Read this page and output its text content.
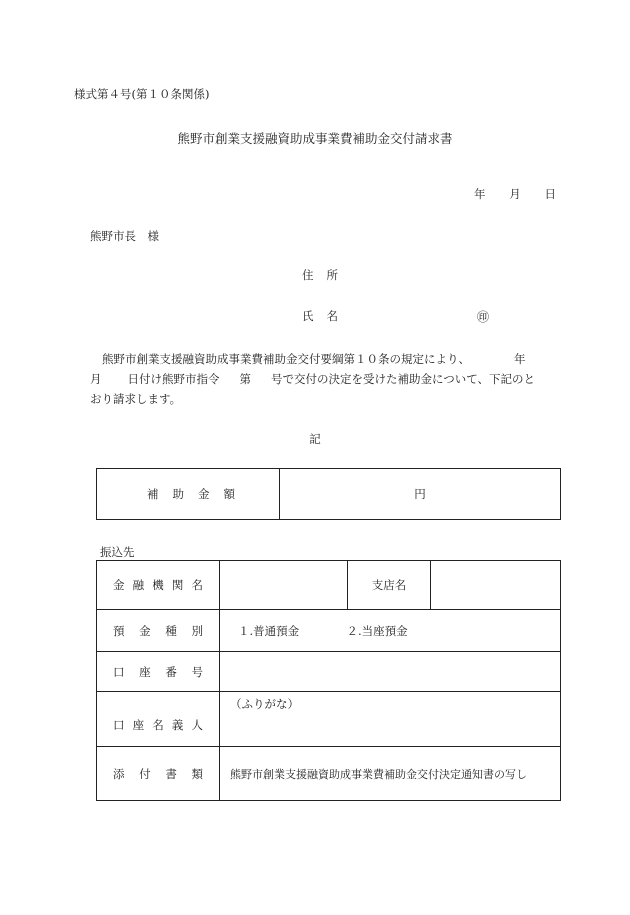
様式第４号(第１０条関係)
熊野市創業支援融資助成事業費補助金交付請求書
年 月 日
熊野市長　様
住 所
氏 名	㊞
熊野市創業支援融資助成事業費補助金交付要綱第１０条の規定により、	年
月 日付け熊野市指令 第 号で交付の決定を受けた補助金について、下記のと
おり請求します。
記
補 助 金 額	円
振込先
金 融 機 関 名		支店名	

預 金 種 別	１.普通預金 ２.当座預金		

口 座 番 号			

口 座 名 義 人	（ふりがな）		

添 付 書 類	熊野市創業支援融資助成事業費補助金交付決定通知書の写し		
